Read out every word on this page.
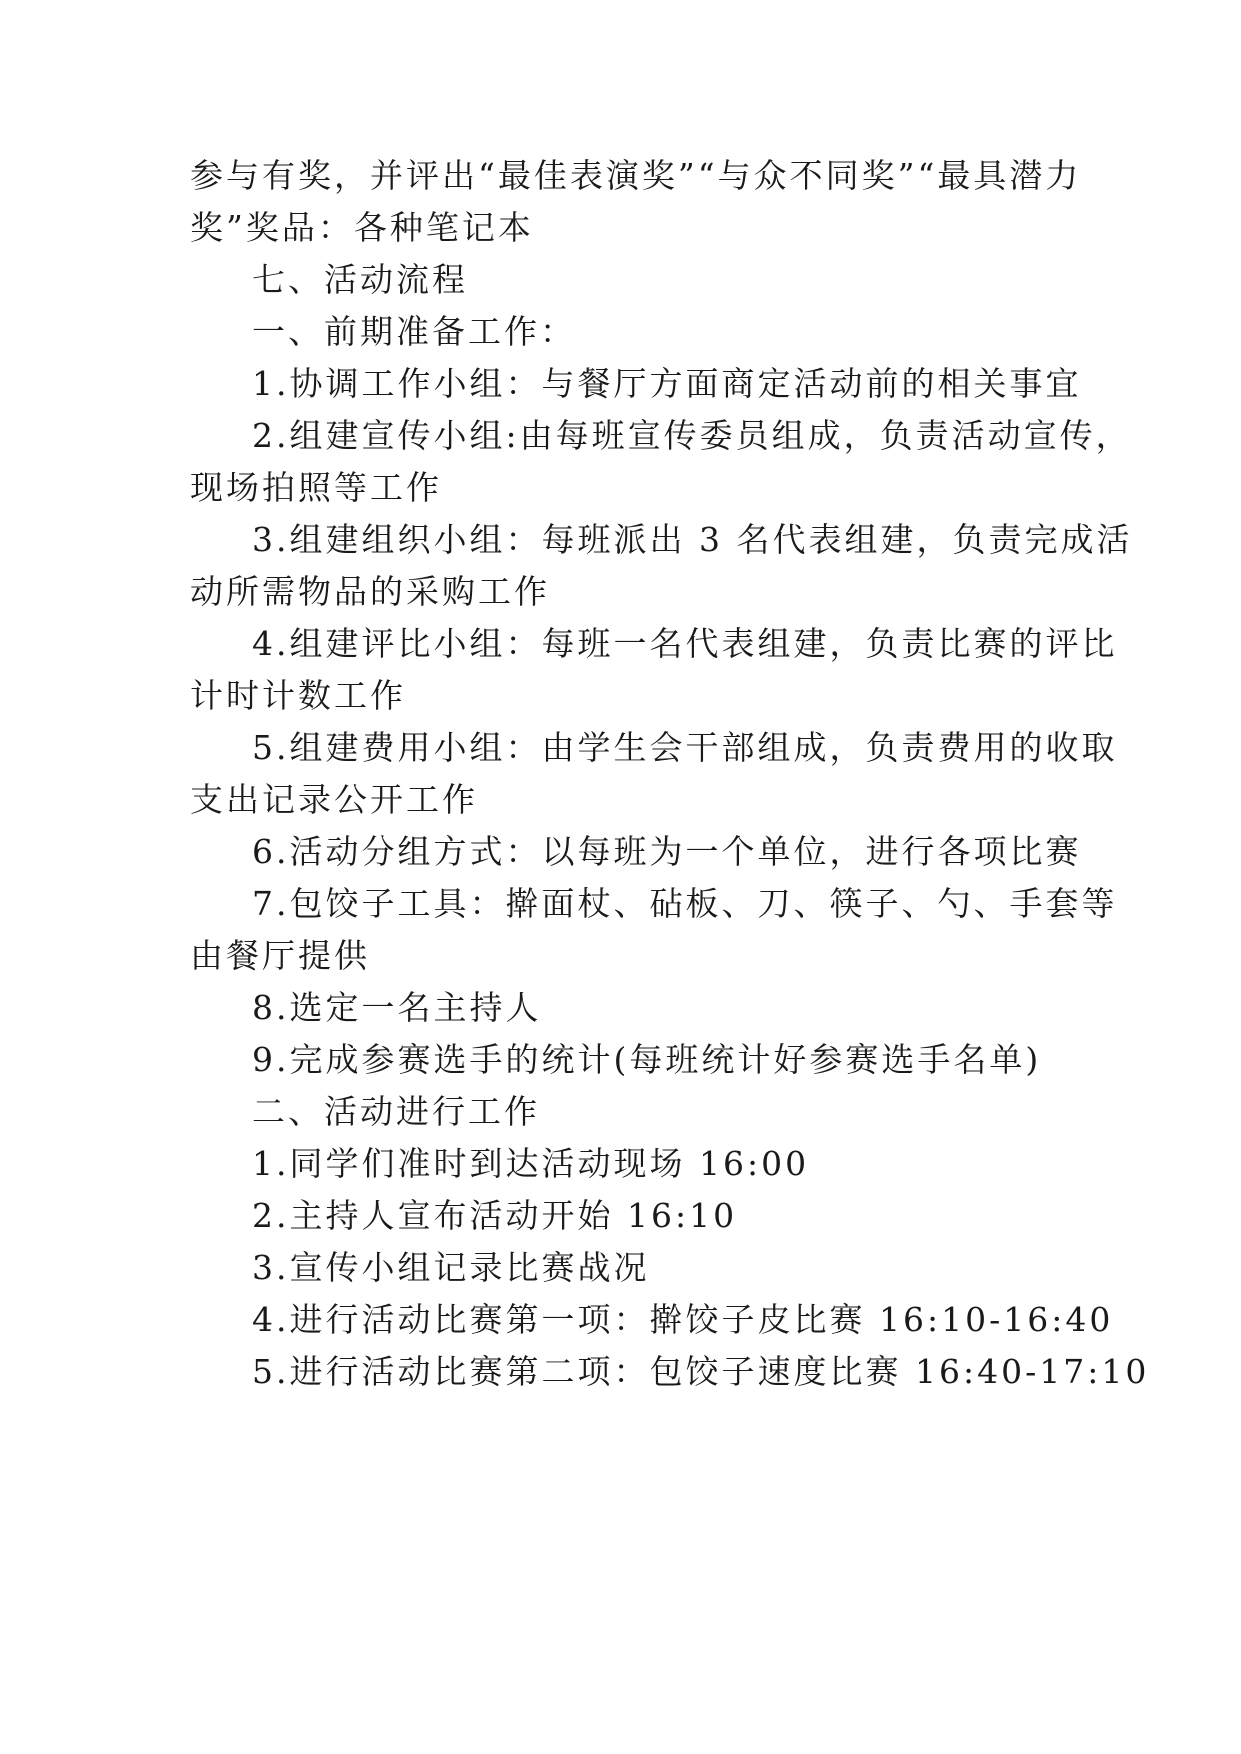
参与有奖，并评出“最佳表演奖”“与众不同奖”“最具潜力
奖”奖品：各种笔记本
七、活动流程
一、前期准备工作：
1.协调工作小组：与餐厅方面商定活动前的相关事宜
2.组建宣传小组:由每班宣传委员组成，负责活动宣传，
现场拍照等工作
3.组建组织小组：每班派出 3 名代表组建，负责完成活
动所需物品的采购工作
4.组建评比小组：每班一名代表组建，负责比赛的评比
计时计数工作
5.组建费用小组：由学生会干部组成，负责费用的收取
支出记录公开工作
6.活动分组方式：以每班为一个单位，进行各项比赛
7.包饺子工具：擀面杖、砧板、刀、筷子、勺、手套等
由餐厅提供
8.选定一名主持人
9.完成参赛选手的统计(每班统计好参赛选手名单)
二、活动进行工作
1.同学们准时到达活动现场 16:00
2.主持人宣布活动开始 16:10
3.宣传小组记录比赛战况
4.进行活动比赛第一项：擀饺子皮比赛 16:10-16:40
5.进行活动比赛第二项：包饺子速度比赛 16:40-17:10
